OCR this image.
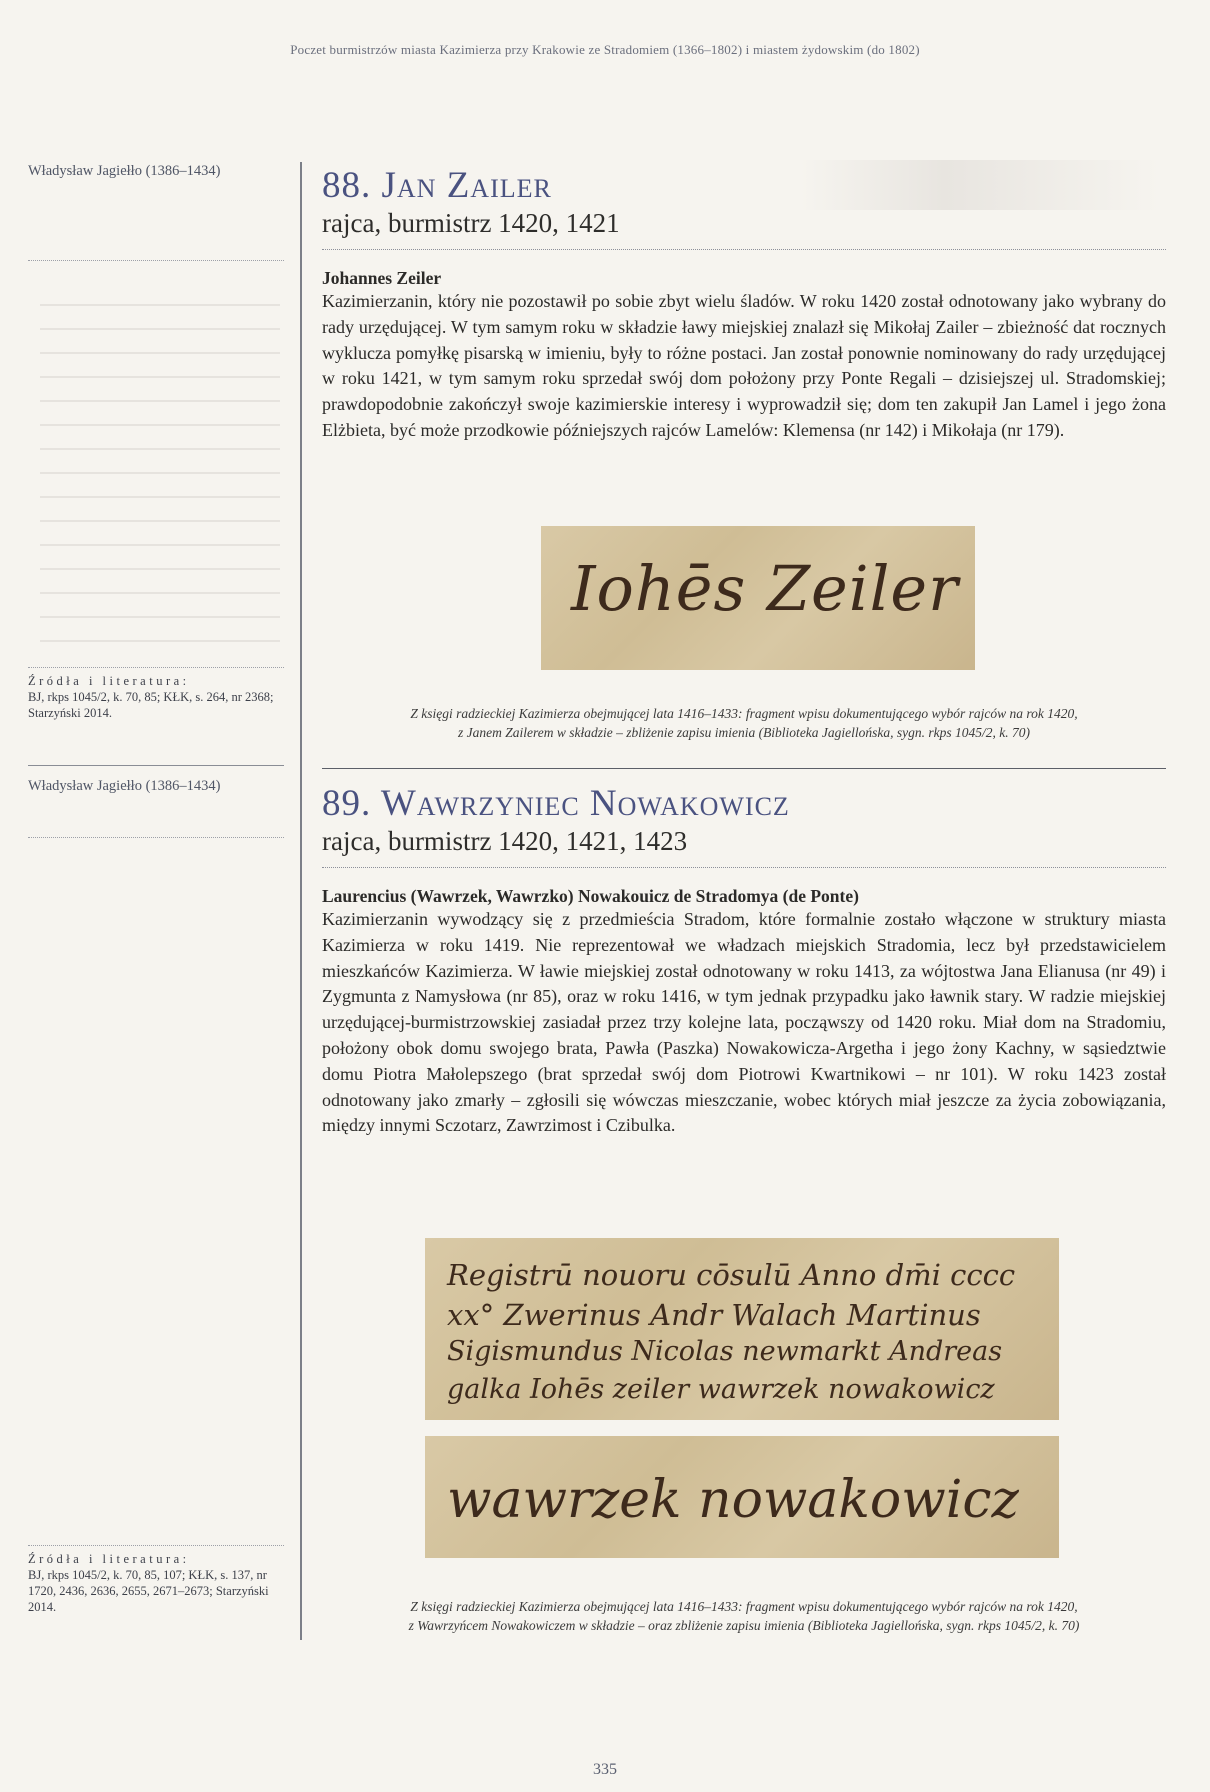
Poczet burmistrzów miasta Kazimierza przy Krakowie ze Stradomiem (1366–1802) i miastem żydowskim (do 1802)
Władysław Jagiełło (1386–1434)
Źródła i literatura:
BJ, rkps 1045/2, k. 70, 85; KŁK, s. 264, nr 2368; Starzyński 2014.
Władysław Jagiełło (1386–1434)
Źródła i literatura:
BJ, rkps 1045/2, k. 70, 85, 107; KŁK, s. 137, nr 1720, 2436, 2636, 2655, 2671–2673; Starzyński 2014.
88. Jan Zailer
rajca, burmistrz 1420, 1421
Johannes Zeiler

Kazimierzanin, który nie pozostawił po sobie zbyt wielu śladów. W roku 1420 został odnotowany jako wybrany do rady urzędującej. W tym samym roku w składzie ławy miejskiej znalazł się Mikołaj Zailer – zbieżność dat rocznych wyklucza pomyłkę pisarską w imieniu, były to różne postaci. Jan został ponownie nominowany do rady urzędującej w roku 1421, w tym samym roku sprzedał swój dom położony przy Ponte Regali – dzisiejszej ul. Stradomskiej; prawdopodobnie zakończył swoje kazimierskie interesy i wyprowadził się; dom ten zakupił Jan Lamel i jego żona Elżbieta, być może przodkowie późniejszych rajców Lamelów: Klemensa (nr 142) i Mikołaja (nr 179).

Iohēs Zeiler
Z księgi radzieckiej Kazimierza obejmującej lata 1416–1433: fragment wpisu dokumentującego wybór rajców na rok 1420,
z Janem Zailerem w składzie – zbliżenie zapisu imienia (Biblioteka Jagiellońska, sygn. rkps 1045/2, k. 70)
89. Wawrzyniec Nowakowicz
rajca, burmistrz 1420, 1421, 1423
Laurencius (Wawrzek, Wawrzko) Nowakouicz de Stradomya (de Ponte)

Kazimierzanin wywodzący się z przedmieścia Stradom, które formalnie zostało włączone w struktury miasta Kazimierza w roku 1419. Nie reprezentował we władzach miejskich Stradomia, lecz był przedstawicielem mieszkańców Kazimierza. W ławie miejskiej został odnotowany w roku 1413, za wójtostwa Jana Elianusa (nr 49) i Zygmunta z Namysłowa (nr 85), oraz w roku 1416, w tym jednak przypadku jako ławnik stary. W radzie miejskiej urzędującej-burmistrzowskiej zasiadał przez trzy kolejne lata, począwszy od 1420 roku. Miał dom na Stradomiu, położony obok domu swojego brata, Pawła (Paszka) Nowakowicza-Argetha i jego żony Kachny, w sąsiedztwie domu Piotra Małolepszego (brat sprzedał swój dom Piotrowi Kwartnikowi – nr 101). W roku 1423 został odnotowany jako zmarły – zgłosili się wówczas mieszczanie, wobec których miał jeszcze za życia zobowiązania, między innymi Sczotarz, Zawrzimost i Czibulka.

Registrū nouoru cōsulū Anno dm̄i cccc
xx° Zwerinus Andr Walach Martinus
Sigismundus Nicolas newmarkt Andreas
galka Iohēs zeiler wawrzek nowakowicz
wawrzek nowakowicz
Z księgi radzieckiej Kazimierza obejmującej lata 1416–1433: fragment wpisu dokumentującego wybór rajców na rok 1420,
z Wawrzyńcem Nowakowiczem w składzie – oraz zbliżenie zapisu imienia (Biblioteka Jagiellońska, sygn. rkps 1045/2, k. 70)
335
